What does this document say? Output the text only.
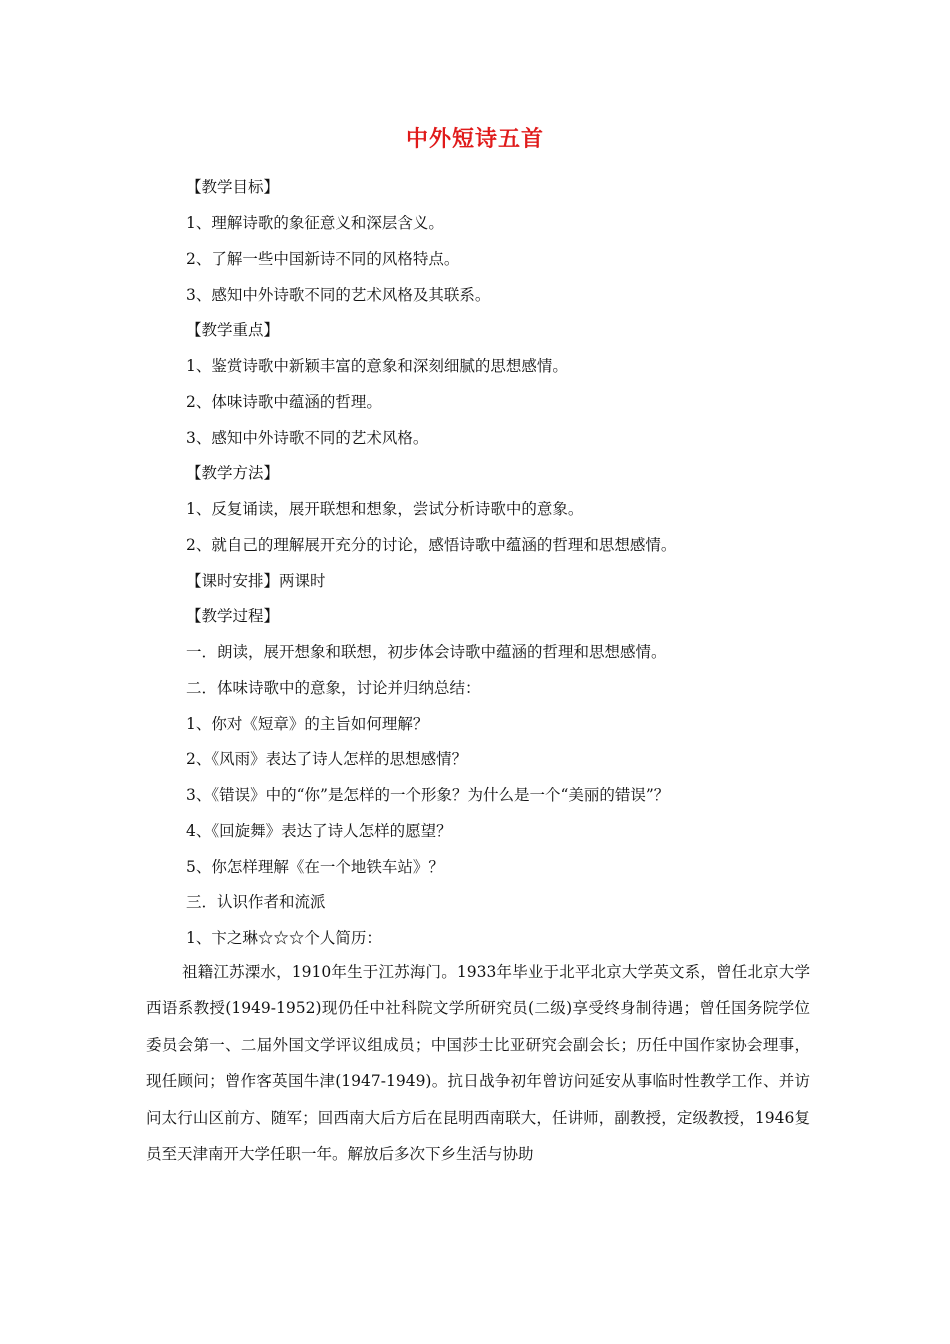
中外短诗五首
【教学目标】
1、理解诗歌的象征意义和深层含义。
2、了解一些中国新诗不同的风格特点。
3、感知中外诗歌不同的艺术风格及其联系。
【教学重点】
1、鉴赏诗歌中新颖丰富的意象和深刻细腻的思想感情。
2、体味诗歌中蕴涵的哲理。
3、感知中外诗歌不同的艺术风格。
【教学方法】
1、反复诵读，展开联想和想象，尝试分析诗歌中的意象。
2、就自己的理解展开充分的讨论，感悟诗歌中蕴涵的哲理和思想感情。
【课时安排】两课时
【教学过程】
一．朗读，展开想象和联想，初步体会诗歌中蕴涵的哲理和思想感情。
二．体味诗歌中的意象，讨论并归纳总结：
1、你对《短章》的主旨如何理解？
2、《风雨》表达了诗人怎样的思想感情？
3、《错误》中的“你”是怎样的一个形象？为什么是一个“美丽的错误”？
4、《回旋舞》表达了诗人怎样的愿望？
5、你怎样理解《在一个地铁车站》？
三．认识作者和流派
1、卞之琳☆☆☆个人简历：

祖籍江苏溧水，1910年生于江苏海门。1933年毕业于北平北京大学英文系，曾任北京大学西语系教授(1949-1952)现仍任中社科院文学所研究员(二级)享受终身制待遇；曾任国务院学位委员会第一、二届外国文学评议组成员；中国莎士比亚研究会副会长；历任中国作家协会理事，现任顾问；曾作客英国牛津(1947-1949)。抗日战争初年曾访问延安从事临时性教学工作、并访问太行山区前方、随军；回西南大后方后在昆明西南联大，任讲师，副教授，定级教授，1946复员至天津南开大学任职一年。解放后多次下乡生活与协助
